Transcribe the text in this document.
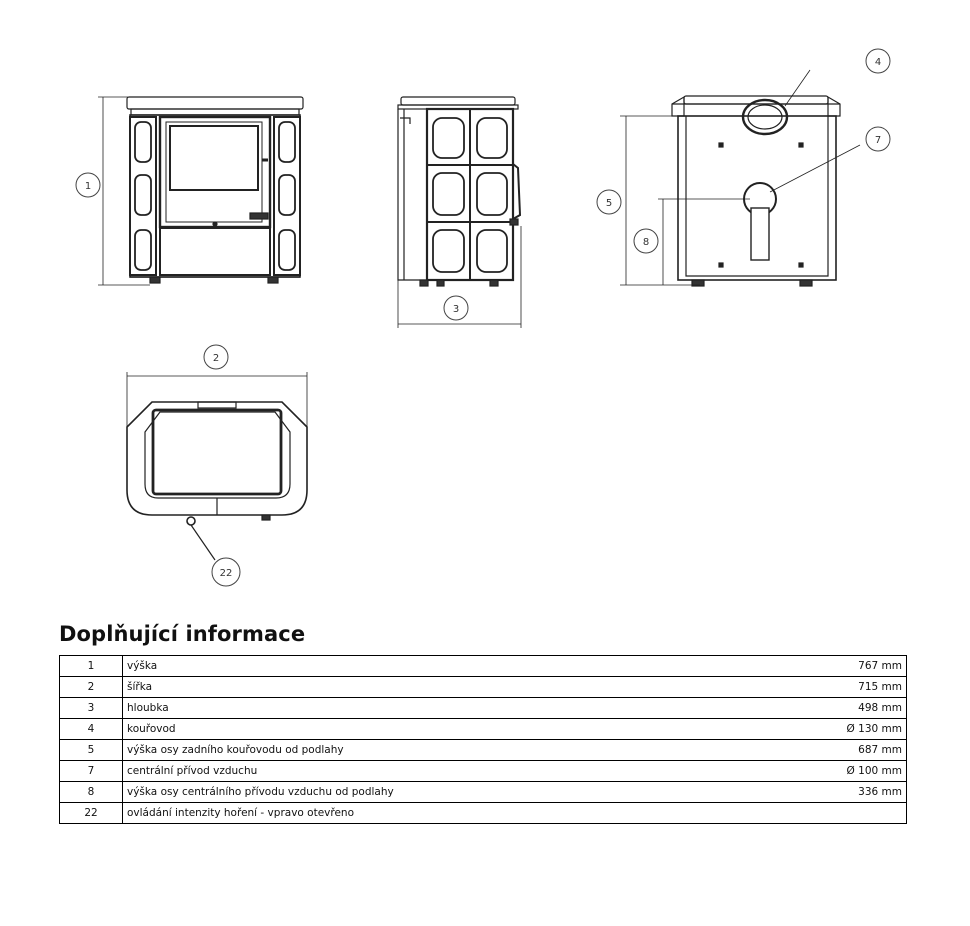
1
2
3
4
5
7
8
22
Doplňující informace
1	výška	767 mm
2	šířka	715 mm
3	hloubka	498 mm
4	kouřovod	Ø 130 mm
5	výška osy zadního kouřovodu od podlahy	687 mm
7	centrální přívod vzduchu	Ø 100 mm
8	výška osy centrálního přívodu vzduchu od podlahy	336 mm
22	ovládání intenzity hoření - vpravo otevřeno	
